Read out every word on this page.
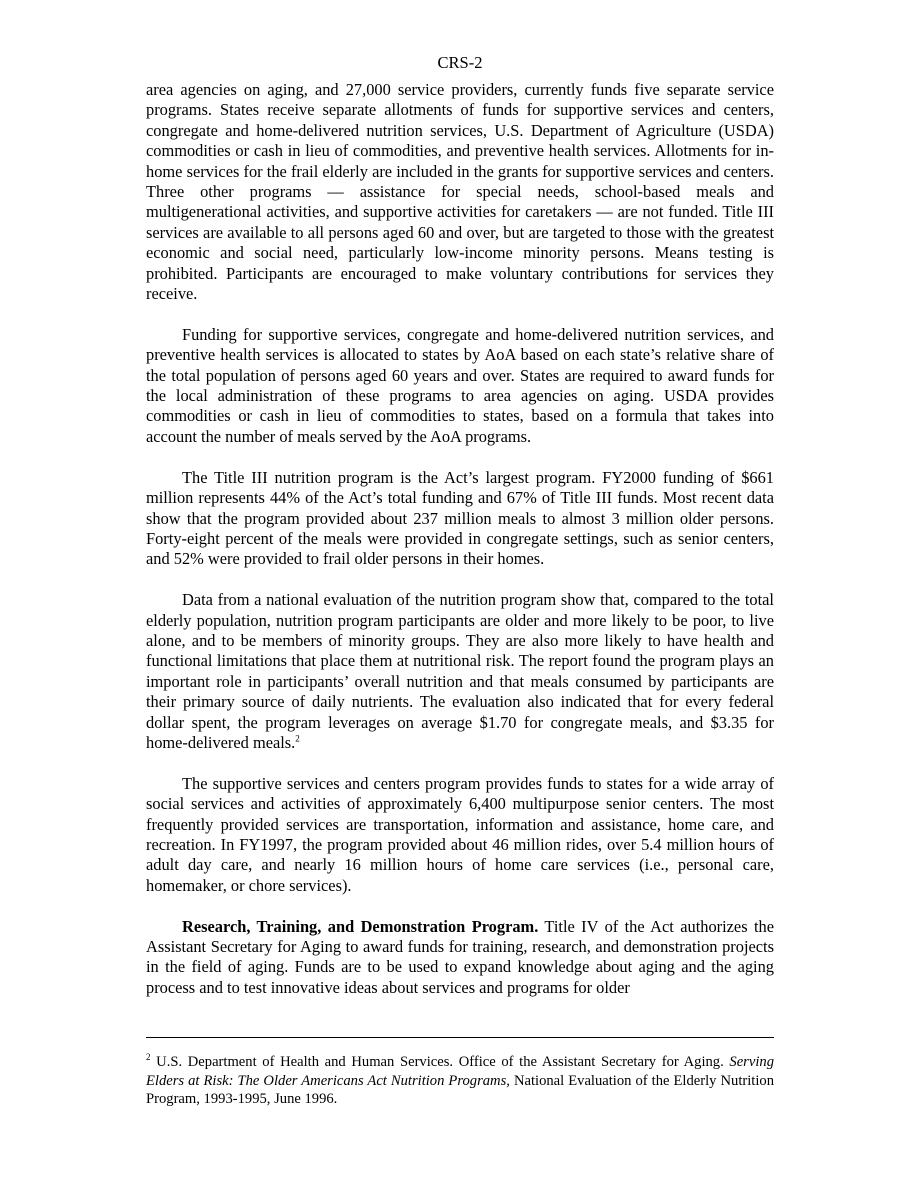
CRS-2

area agencies on aging, and 27,000 service providers, currently funds five separate service programs. States receive separate allotments of funds for supportive services and centers, congregate and home-delivered nutrition services, U.S. Department of Agriculture (USDA) commodities or cash in lieu of commodities, and preventive health services. Allotments for in-home services for the frail elderly are included in the grants for supportive services and centers. Three other programs — assistance for special needs, school-based meals and multigenerational activities, and supportive activities for caretakers — are not funded. Title III services are available to all persons aged 60 and over, but are targeted to those with the greatest economic and social need, particularly low-income minority persons. Means testing is prohibited. Participants are encouraged to make voluntary contributions for services they receive.

Funding for supportive services, congregate and home-delivered nutrition services, and preventive health services is allocated to states by AoA based on each state’s relative share of the total population of persons aged 60 years and over. States are required to award funds for the local administration of these programs to area agencies on aging. USDA provides commodities or cash in lieu of commodities to states, based on a formula that takes into account the number of meals served by the AoA programs.

The Title III nutrition program is the Act’s largest program. FY2000 funding of $661 million represents 44% of the Act’s total funding and 67% of Title III funds. Most recent data show that the program provided about 237 million meals to almost 3 million older persons. Forty-eight percent of the meals were provided in congregate settings, such as senior centers, and 52% were provided to frail older persons in their homes.

Data from a national evaluation of the nutrition program show that, compared to the total elderly population, nutrition program participants are older and more likely to be poor, to live alone, and to be members of minority groups. They are also more likely to have health and functional limitations that place them at nutritional risk. The report found the program plays an important role in participants’ overall nutrition and that meals consumed by participants are their primary source of daily nutrients. The evaluation also indicated that for every federal dollar spent, the program leverages on average $1.70 for congregate meals, and $3.35 for home-delivered meals.$^2$

The supportive services and centers program provides funds to states for a wide array of social services and activities of approximately 6,400 multipurpose senior centers. The most frequently provided services are transportation, information and assistance, home care, and recreation. In FY1997, the program provided about 46 million rides, over 5.4 million hours of adult day care, and nearly 16 million hours of home care services (i.e., personal care, homemaker, or chore services).

Research, Training, and Demonstration Program. Title IV of the Act authorizes the Assistant Secretary for Aging to award funds for training, research, and demonstration projects in the field of aging. Funds are to be used to expand knowledge about aging and the aging process and to test innovative ideas about services and programs for older

$^2$ U.S. Department of Health and Human Services. Office of the Assistant Secretary for Aging. Serving Elders at Risk: The Older Americans Act Nutrition Programs, National Evaluation of the Elderly Nutrition Program, 1993-1995, June 1996.
